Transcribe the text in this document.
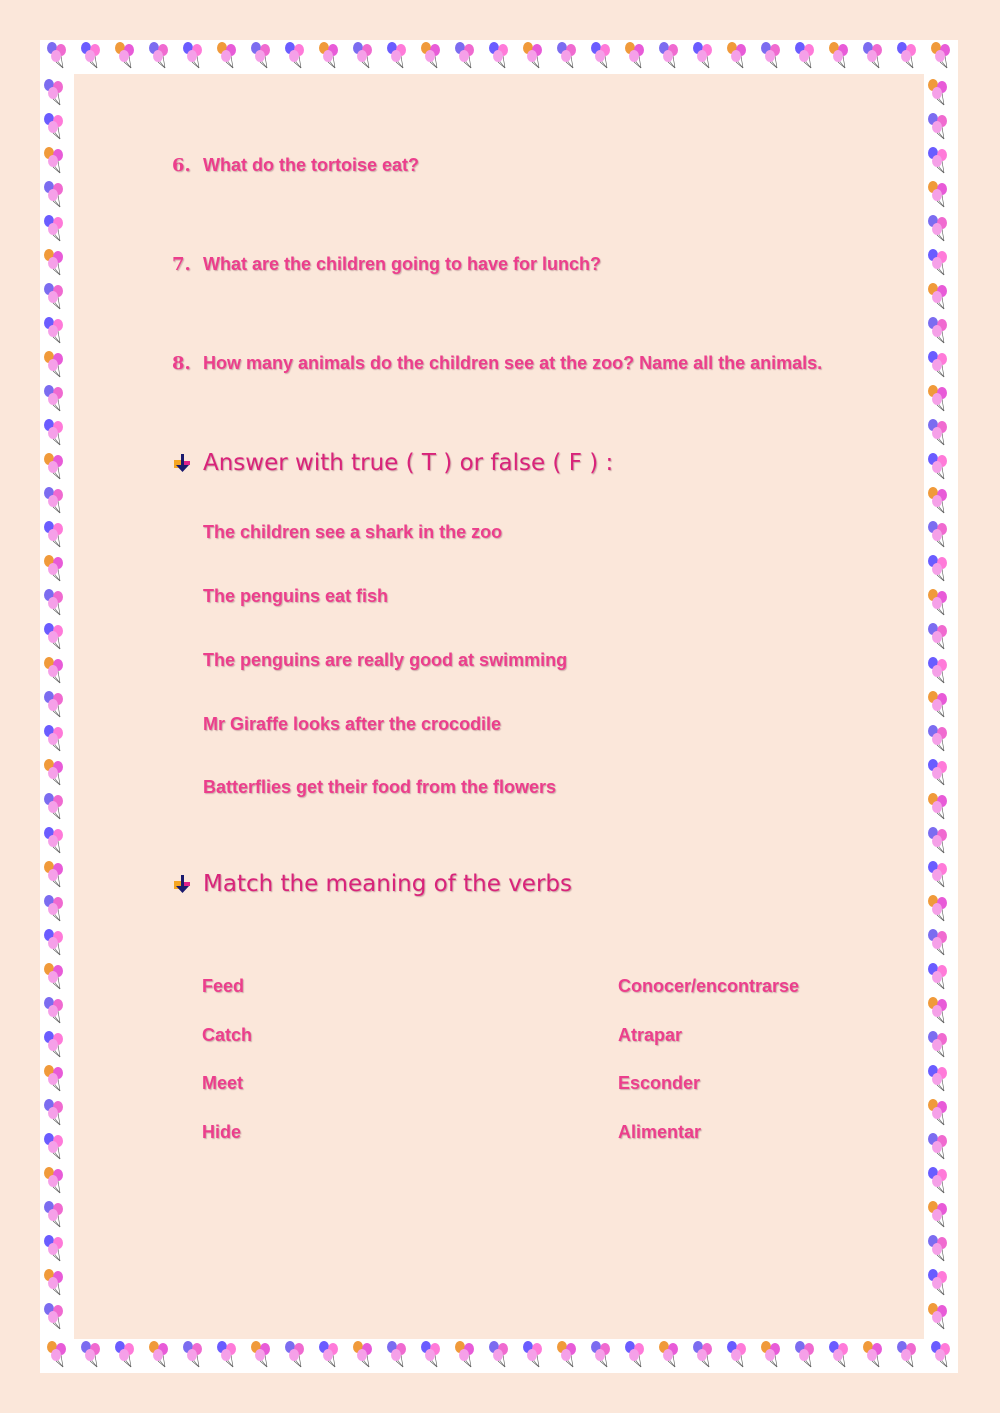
6. What do the tortoise eat?
7. What are the children going to have for lunch?
8. How many animals do the children see at the zoo? Name all the animals.
Answer with true ( T ) or false ( F ) :
The children see a shark in the zoo
The penguins eat fish
The penguins are really good at swimming
Mr Giraffe looks after the crocodile
Batterflies get their food from the flowers
Match the meaning of the verbs
Feed
Catch
Meet
Hide
Conocer/encontrarse
Atrapar
Esconder
Alimentar
